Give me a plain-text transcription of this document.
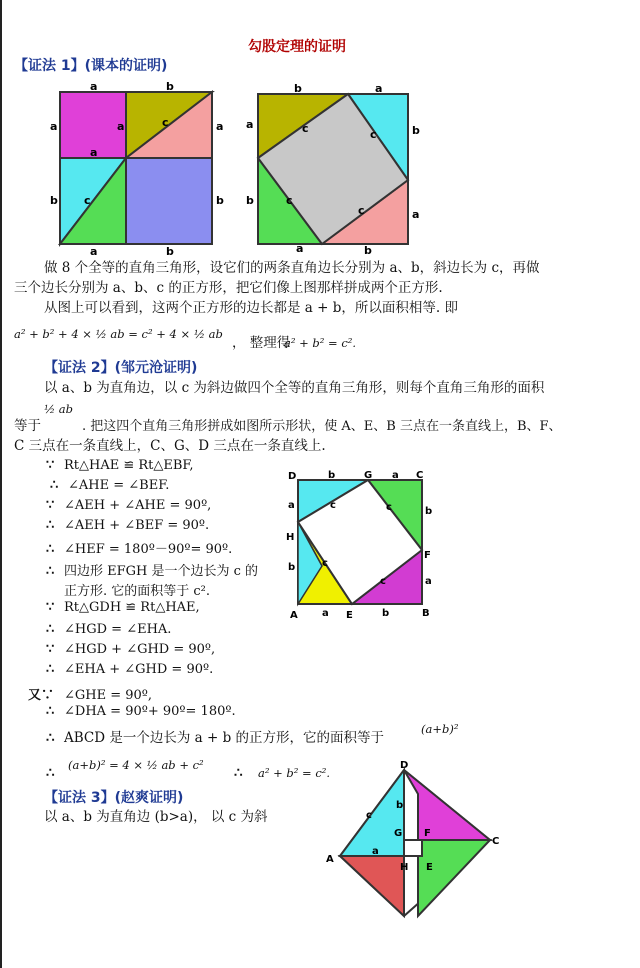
勾股定理的证明
【证法 1】(课本的证明)
a	b
a	a	a
c
a
b	b
c
a	b
b	a
a	b
c	c
b
a
c
c
a	b
做 8 个全等的直角三角形，设它们的两条直角边长分别为 a、b，斜边长为 c，再做
三个边长分别为 a、b、c 的正方形，把它们像上图那样拼成两个正方形.
从图上可以看到，这两个正方形的边长都是 a + b，所以面积相等. 即
a² + b² + 4 × ½ ab = c² + 4 × ½ ab
， 整理得
a² + b² = c².
【证法 2】(邹元沧证明)
以 a、b 为直角边，以 c 为斜边做四个全等的直角三角形，则每个直角三角形的面积
等于
½ ab
. 把这四个直角三角形拼成如图所示形状，使 A、E、B 三点在一条直线上，B、F、
C 三点在一条直线上，C、G、D 三点在一条直线上.
∵ Rt△HAE ≌ Rt△EBF,
∴ ∠AHE = ∠BEF.
∵ ∠AEH + ∠AHE = 90º,
∴ ∠AEH + ∠BEF = 90º.
∴ ∠HEF = 180º－90º= 90º.
∴ 四边形 EFGH 是一个边长为 c 的
正方形. 它的面积等于 c².
∵ Rt△GDH ≌ Rt△HAE,
∴ ∠HGD = ∠EHA.
∵ ∠HGD + ∠GHD = 90º,
∴ ∠EHA + ∠GHD = 90º.
又∵ ∠GHE = 90º,
∴ ∠DHA = 90º+ 90º= 180º.
D	G	C
H
F
A	E	B
a
b
b
a	b
a
b
a
c	c
c
c
∴ ABCD 是一个边长为 a + b 的正方形，它的面积等于
(a+b)²
∴ (a+b)² = 4 × ½ ab + c² ∴ a² + b² = c².
【证法 3】(赵爽证明)
以 a、b 为直角边 (b>a)， 以 c 为斜
D
C
A
G F
H E
c
b
a
